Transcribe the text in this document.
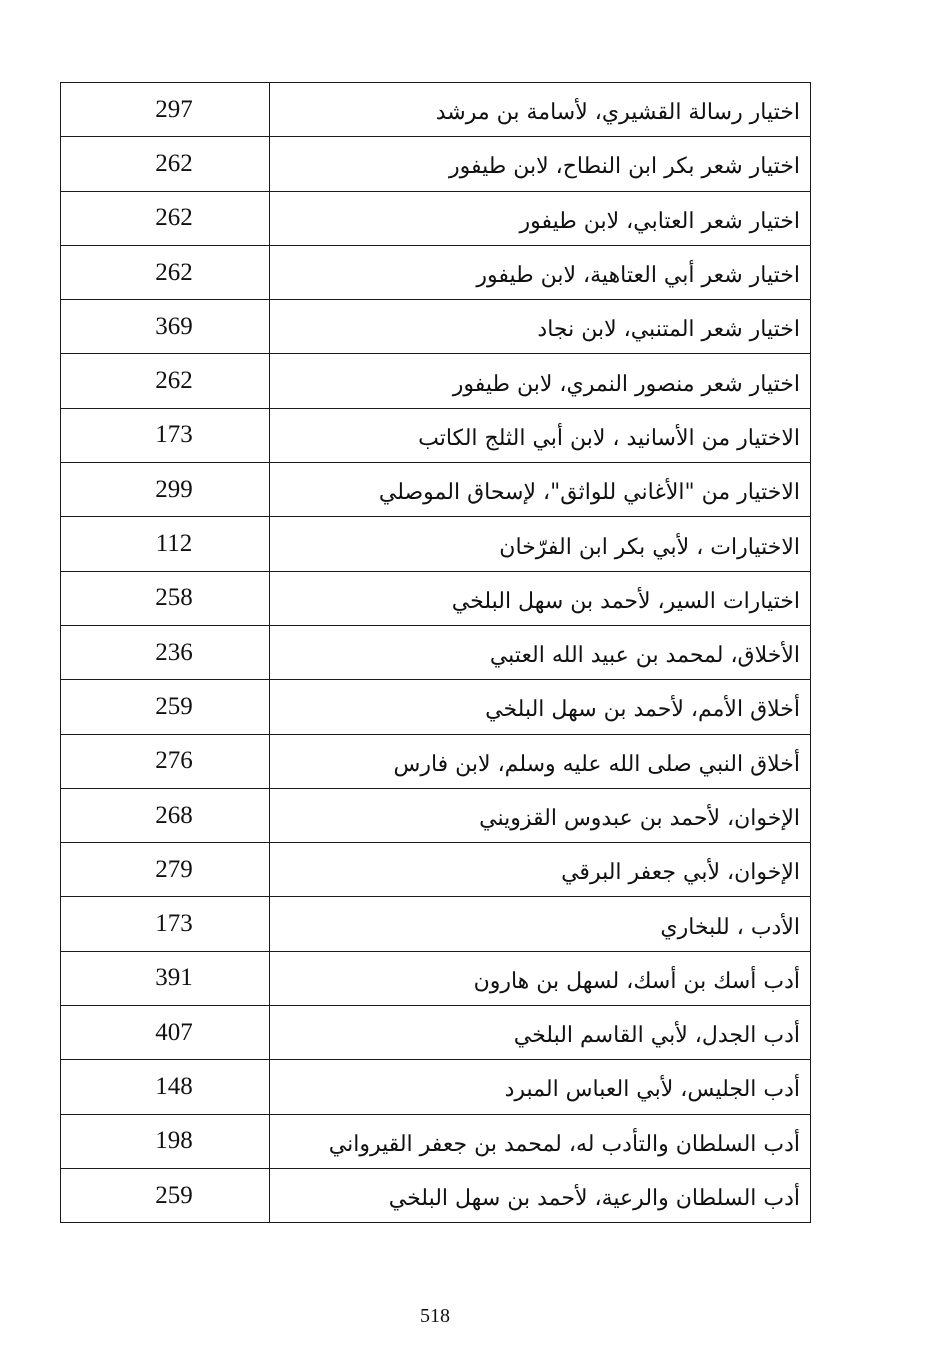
297	اختيار رسالة القشيري، لأسامة بن مرشد
262	اختيار شعر بكر ابن النطاح، لابن طيفور
262	اختيار شعر العتابي، لابن طيفور
262	اختيار شعر أبي العتاهية، لابن طيفور
369	اختيار شعر المتنبي، لابن نجاد
262	اختيار شعر منصور النمري، لابن طيفور
173	الاختيار من الأسانيد ، لابن أبي الثلج الكاتب
299	الاختيار من "الأغاني للواثق"، لإسحاق الموصلي
112	الاختيارات ، لأبي بكر ابن الفرّخان
258	اختيارات السير، لأحمد بن سهل البلخي
236	الأخلاق، لمحمد بن عبيد الله العتبي
259	أخلاق الأمم، لأحمد بن سهل البلخي
276	أخلاق النبي صلى الله عليه وسلم، لابن فارس
268	الإخوان، لأحمد بن عبدوس القزويني
279	الإخوان، لأبي جعفر البرقي
173	الأدب ، للبخاري
391	أدب أسك بن أسك، لسهل بن هارون
407	أدب الجدل، لأبي القاسم البلخي
148	أدب الجليس، لأبي العباس المبرد
198	أدب السلطان والتأدب له، لمحمد بن جعفر القيرواني
259	أدب السلطان والرعية، لأحمد بن سهل البلخي
518
